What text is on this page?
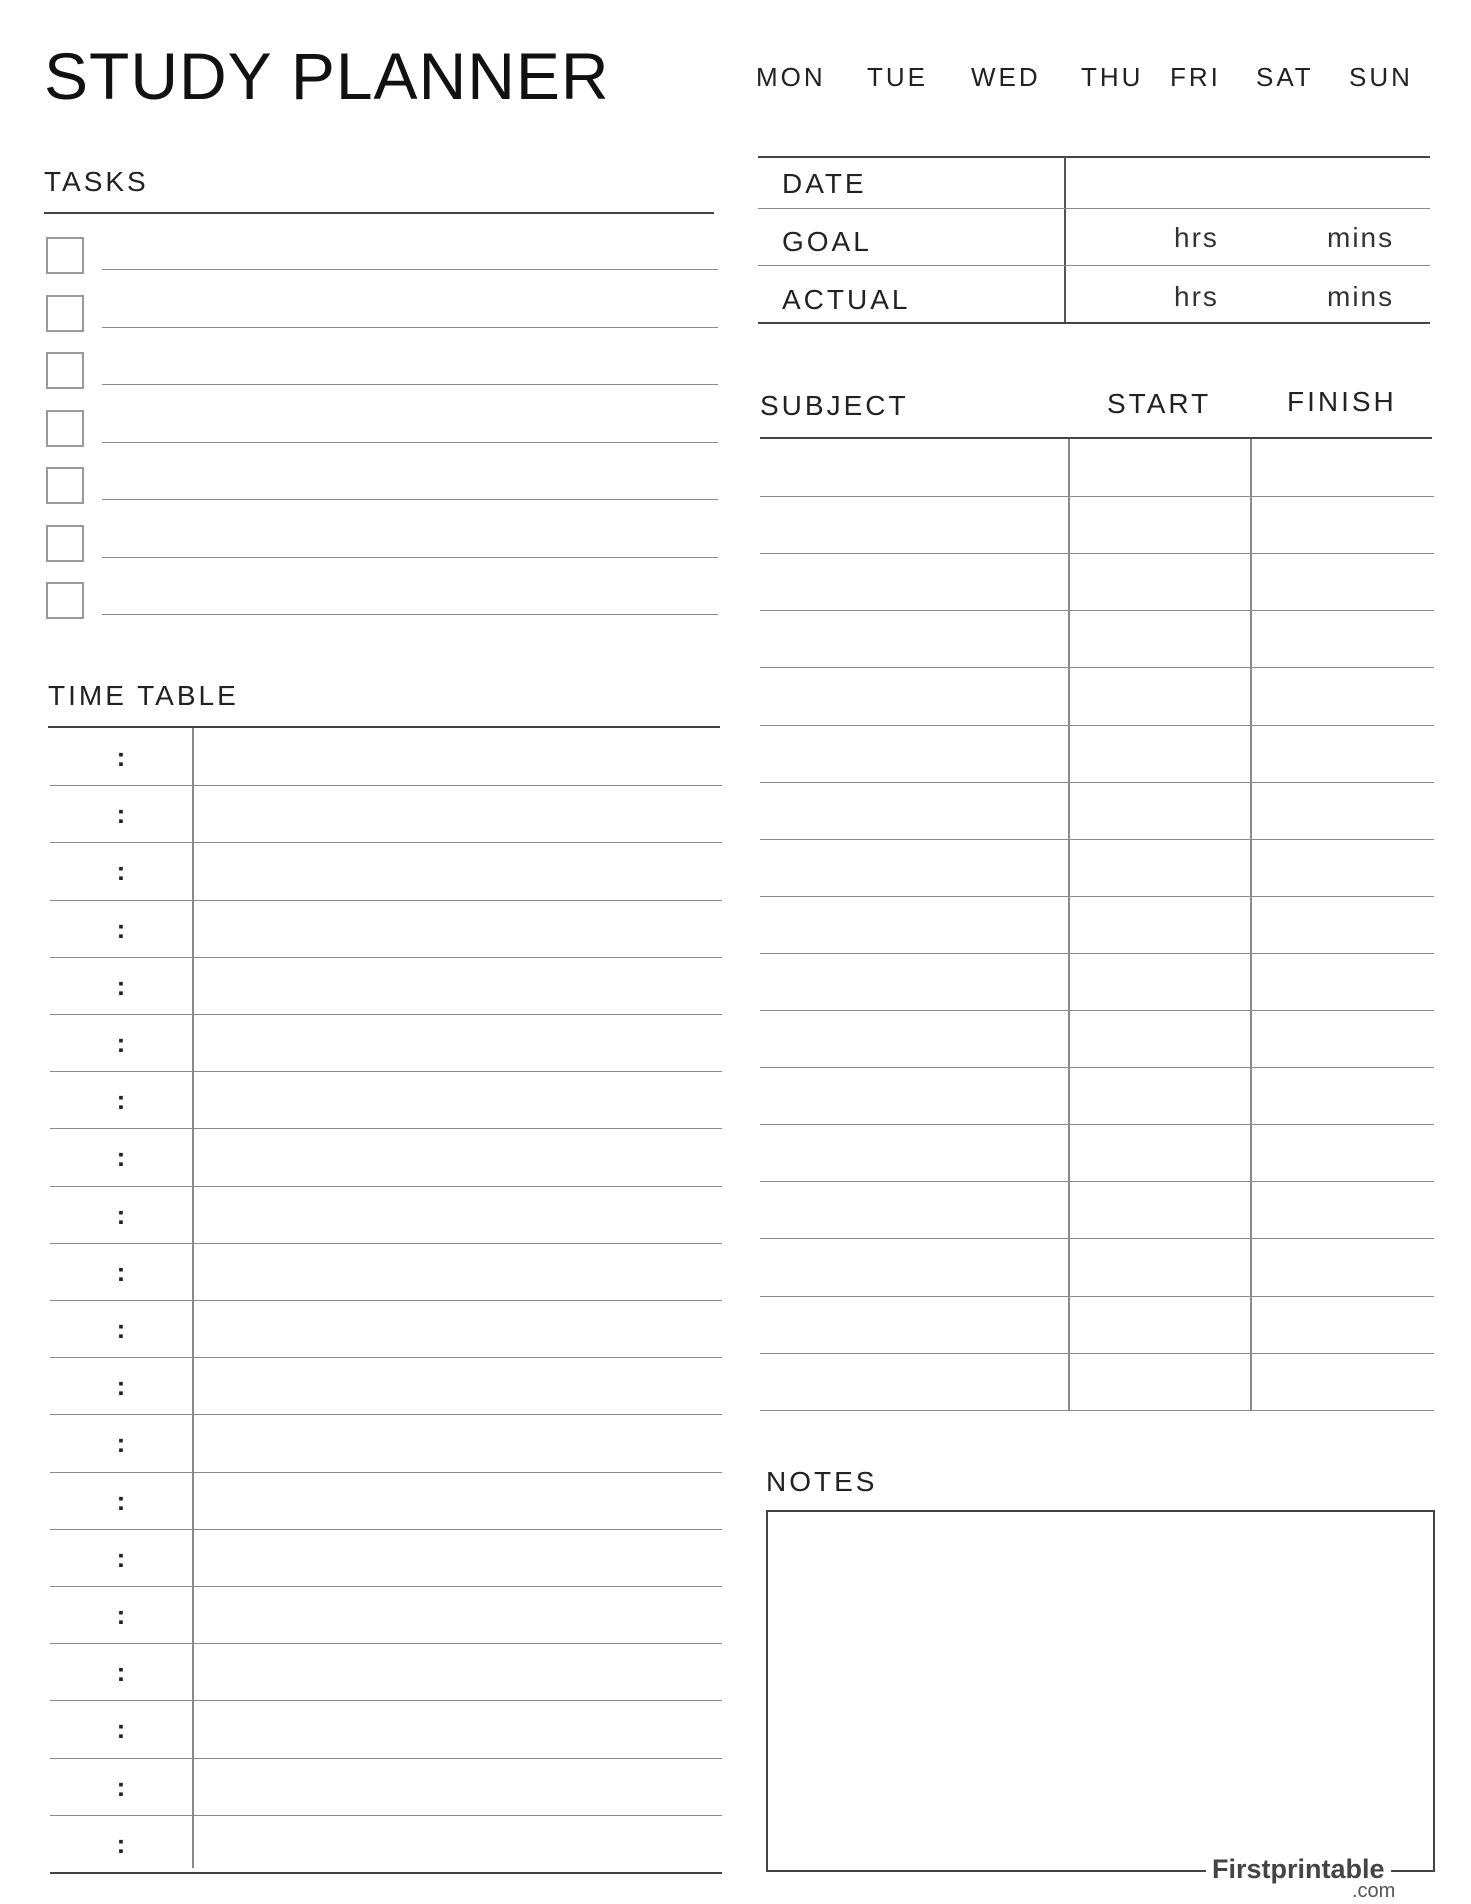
STUDY PLANNER	MON TUE WED THU FRI SAT SUN
TASKS
TIME TABLE
:
:
:
:
:
:
:
:
:
:
:
:
:
:
:
:
:
:
:
:
DATE
GOAL	hrs	mins
ACTUAL	hrs	mins
SUBJECT	START	FINISH
NOTES
Firstprintable
.com
